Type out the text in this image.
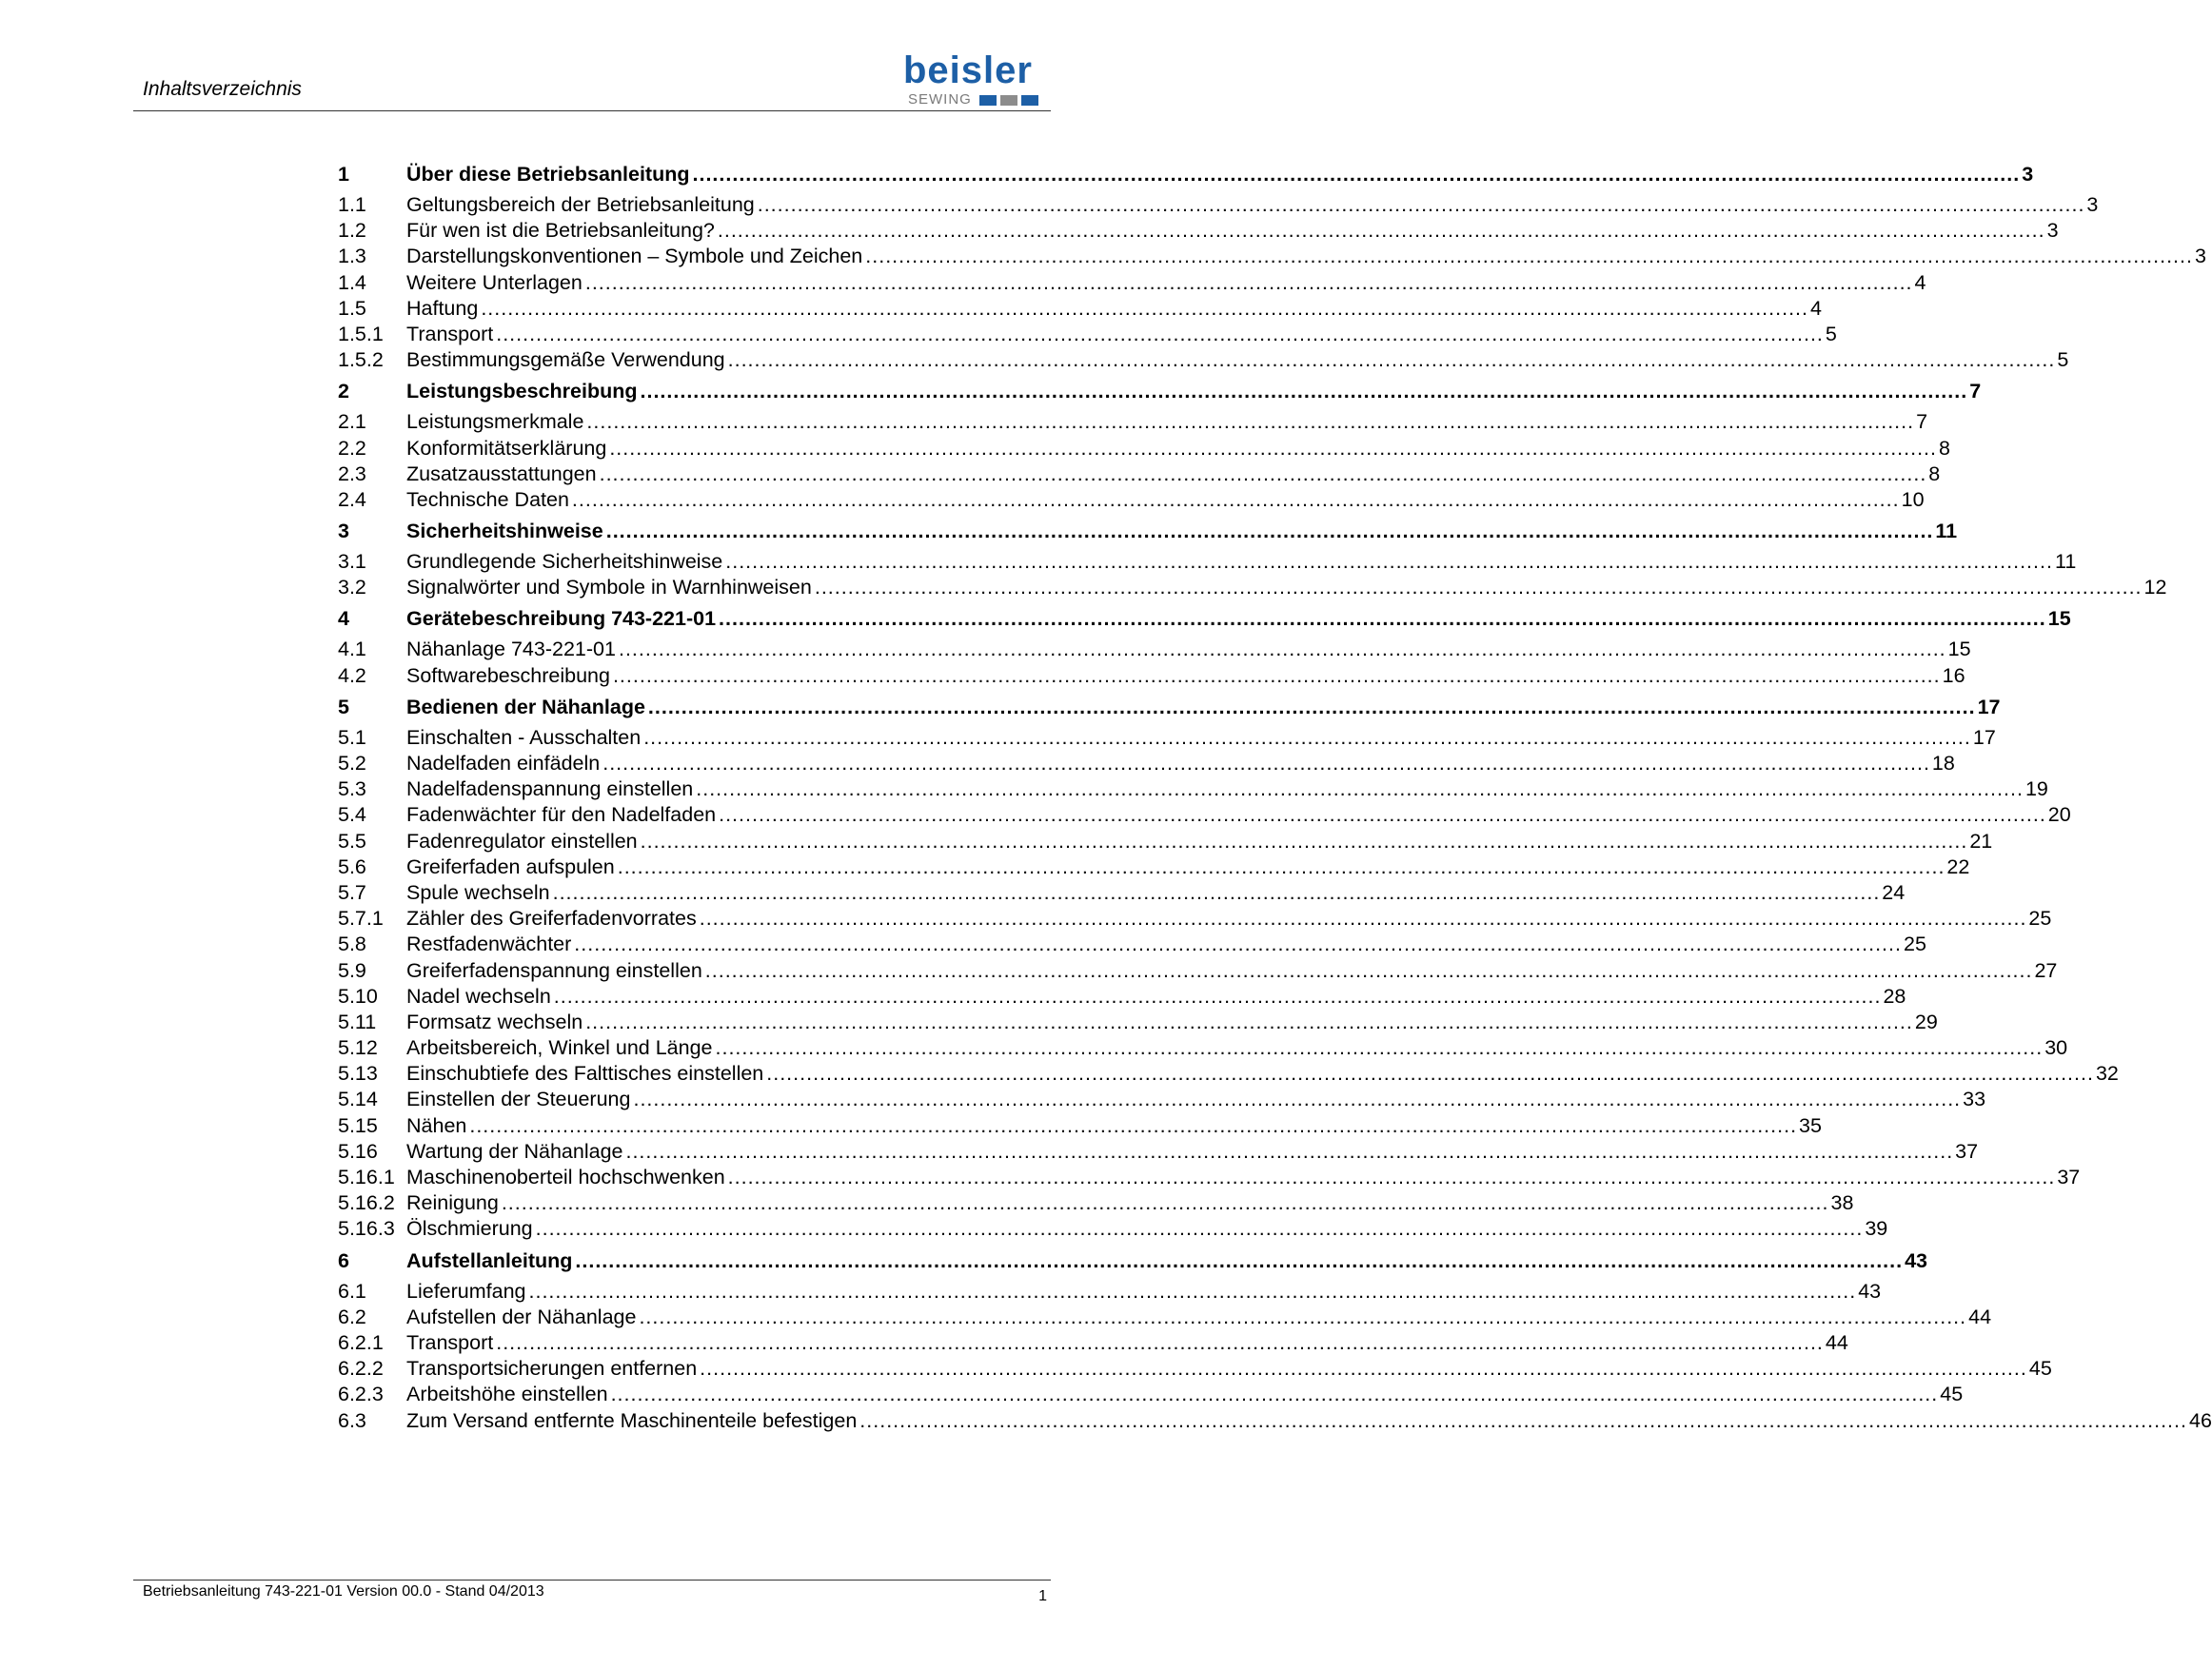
Inhaltsverzeichnis	beisler
SEWING
1	Über diese Betriebsanleitung ........................................................................................................................................................................................................ 3
1.1 Geltungsbereich der Betriebsanleitung ........................................................................................................................................................................................................ 3
1.2 Für wen ist die Betriebsanleitung? ........................................................................................................................................................................................................ 3
1.3 Darstellungskonventionen – Symbole und Zeichen ........................................................................................................................................................................................................ 3
1.4 Weitere Unterlagen ........................................................................................................................................................................................................ 4
1.5 Haftung ........................................................................................................................................................................................................ 4
1.5.1 Transport ........................................................................................................................................................................................................ 5
1.5.2 Bestimmungsgemäße Verwendung ........................................................................................................................................................................................................ 5
2	Leistungsbeschreibung ........................................................................................................................................................................................................ 7
2.1 Leistungsmerkmale ........................................................................................................................................................................................................ 7
2.2 Konformitätserklärung ........................................................................................................................................................................................................ 8
2.3 Zusatzausstattungen ........................................................................................................................................................................................................ 8
2.4 Technische Daten ........................................................................................................................................................................................................ 10
3	Sicherheitshinweise ........................................................................................................................................................................................................ 11
3.1 Grundlegende Sicherheitshinweise ........................................................................................................................................................................................................ 11
3.2 Signalwörter und Symbole in Warnhinweisen ........................................................................................................................................................................................................ 12
4	Gerätebeschreibung 743-221-01 ........................................................................................................................................................................................................ 15
4.1 Nähanlage 743-221-01 ........................................................................................................................................................................................................ 15
4.2 Softwarebeschreibung ........................................................................................................................................................................................................ 16
5	Bedienen der Nähanlage ........................................................................................................................................................................................................ 17
5.1 Einschalten - Ausschalten ........................................................................................................................................................................................................ 17
5.2 Nadelfaden einfädeln ........................................................................................................................................................................................................ 18
5.3 Nadelfadenspannung einstellen ........................................................................................................................................................................................................ 19
5.4 Fadenwächter für den Nadelfaden ........................................................................................................................................................................................................ 20
5.5 Fadenregulator einstellen ........................................................................................................................................................................................................ 21
5.6 Greiferfaden aufspulen ........................................................................................................................................................................................................ 22
5.7 Spule wechseln ........................................................................................................................................................................................................ 24
5.7.1 Zähler des Greiferfadenvorrates ........................................................................................................................................................................................................ 25
5.8 Restfadenwächter ........................................................................................................................................................................................................ 25
5.9 Greiferfadenspannung einstellen ........................................................................................................................................................................................................ 27
5.10 Nadel wechseln ........................................................................................................................................................................................................ 28
5.11 Formsatz wechseln ........................................................................................................................................................................................................ 29
5.12 Arbeitsbereich, Winkel und Länge ........................................................................................................................................................................................................ 30
5.13 Einschubtiefe des Falttisches einstellen ........................................................................................................................................................................................................ 32
5.14 Einstellen der Steuerung ........................................................................................................................................................................................................ 33
5.15 Nähen ........................................................................................................................................................................................................ 35
5.16 Wartung der Nähanlage ........................................................................................................................................................................................................ 37
5.16.1 Maschinenoberteil hochschwenken ........................................................................................................................................................................................................ 37
5.16.2 Reinigung ........................................................................................................................................................................................................ 38
5.16.3 Ölschmierung ........................................................................................................................................................................................................ 39
6	Aufstellanleitung ........................................................................................................................................................................................................ 43
6.1 Lieferumfang ........................................................................................................................................................................................................ 43
6.2 Aufstellen der Nähanlage ........................................................................................................................................................................................................ 44
6.2.1 Transport ........................................................................................................................................................................................................ 44
6.2.2 Transportsicherungen entfernen ........................................................................................................................................................................................................ 45
6.2.3 Arbeitshöhe einstellen ........................................................................................................................................................................................................ 45
6.3 Zum Versand entfernte Maschinenteile befestigen ........................................................................................................................................................................................................ 46
Betriebsanleitung 743-221-01 Version 00.0 - Stand 04/2013	1
